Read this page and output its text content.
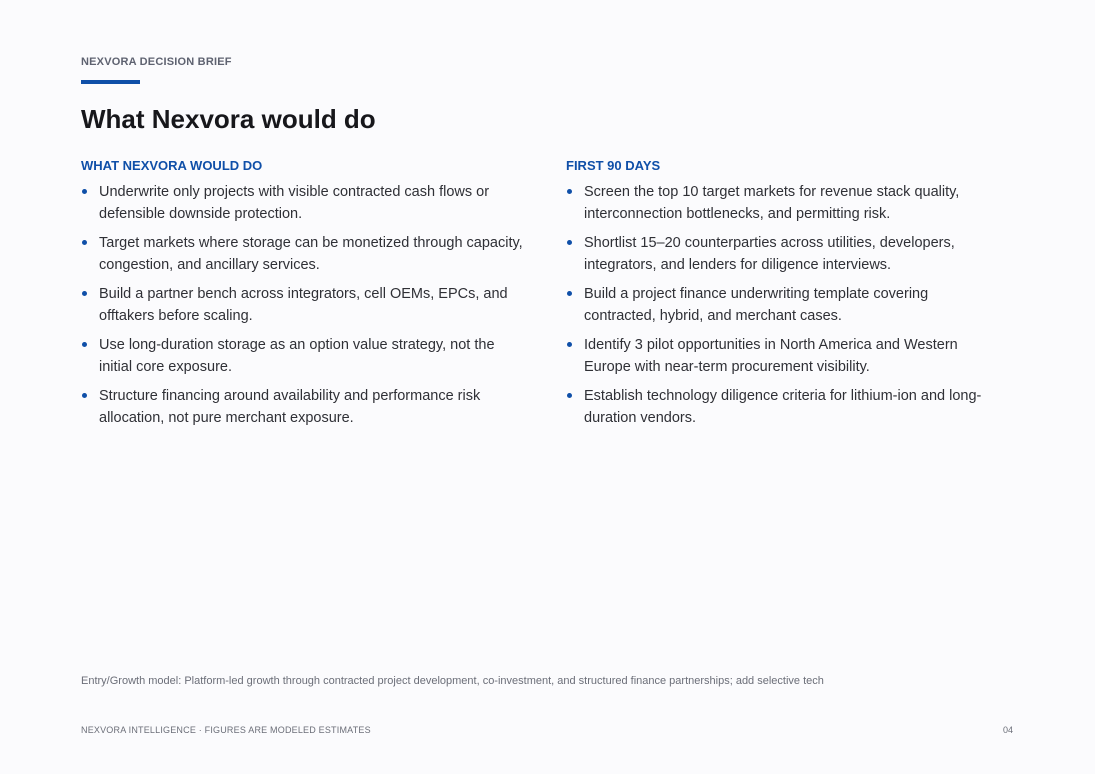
NEXVORA DECISION BRIEF
What Nexvora would do
WHAT NEXVORA WOULD DO
Underwrite only projects with visible contracted cash flows or defensible downside protection.
Target markets where storage can be monetized through capacity, congestion, and ancillary services.
Build a partner bench across integrators, cell OEMs, EPCs, and offtakers before scaling.
Use long-duration storage as an option value strategy, not the initial core exposure.
Structure financing around availability and performance risk allocation, not pure merchant exposure.
FIRST 90 DAYS
Screen the top 10 target markets for revenue stack quality, interconnection bottlenecks, and permitting risk.
Shortlist 15–20 counterparties across utilities, developers, integrators, and lenders for diligence interviews.
Build a project finance underwriting template covering contracted, hybrid, and merchant cases.
Identify 3 pilot opportunities in North America and Western Europe with near-term procurement visibility.
Establish technology diligence criteria for lithium-ion and long-duration vendors.
Entry/Growth model: Platform-led growth through contracted project development, co-investment, and structured finance partnerships; add selective tech
NEXVORA INTELLIGENCE · FIGURES ARE MODELED ESTIMATES	04
